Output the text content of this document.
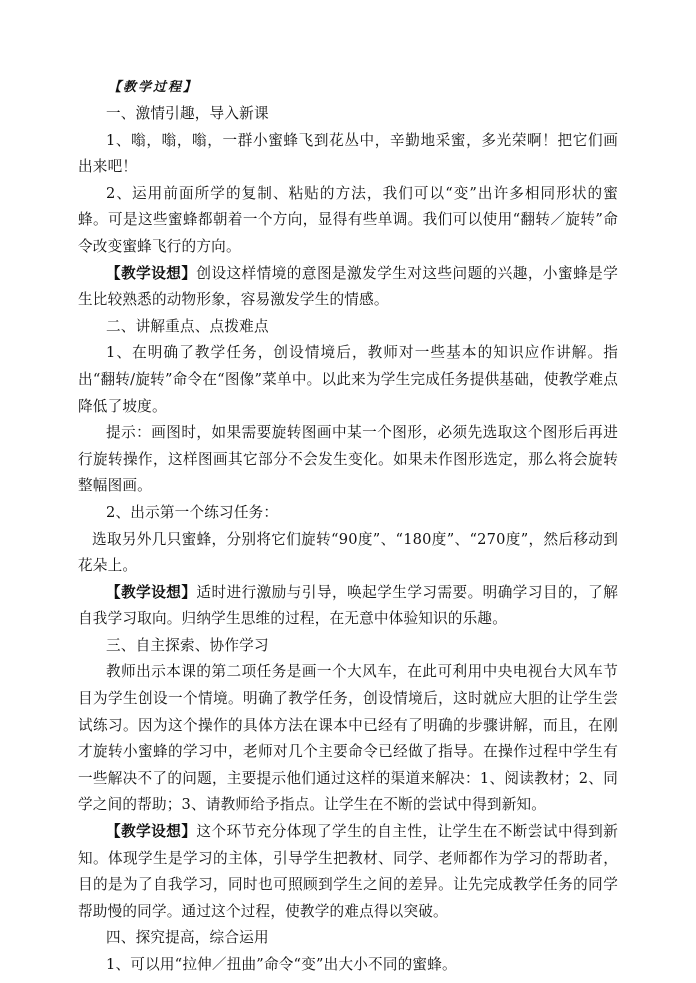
【教学过程】

一、激情引趣，导入新课

1、嗡，嗡，嗡，一群小蜜蜂飞到花丛中，辛勤地采蜜，多光荣啊！把它们画出来吧！

2、运用前面所学的复制、粘贴的方法，我们可以“变”出许多相同形状的蜜蜂。可是这些蜜蜂都朝着一个方向，显得有些单调。我们可以使用“翻转／旋转”命令改变蜜蜂飞行的方向。

【教学设想】创设这样情境的意图是激发学生对这些问题的兴趣，小蜜蜂是学生比较熟悉的动物形象，容易激发学生的情感。

二、讲解重点、点拨难点

1、在明确了教学任务，创设情境后，教师对一些基本的知识应作讲解。指出“翻转/旋转”命令在“图像”菜单中。以此来为学生完成任务提供基础，使教学难点降低了坡度。

提示：画图时，如果需要旋转图画中某一个图形，必须先选取这个图形后再进行旋转操作，这样图画其它部分不会发生变化。如果未作图形选定，那么将会旋转整幅图画。

2、出示第一个练习任务：

选取另外几只蜜蜂，分别将它们旋转“90度”、“180度”、“270度”，然后移动到花朵上。

【教学设想】适时进行激励与引导，唤起学生学习需要。明确学习目的，了解自我学习取向。归纳学生思维的过程，在无意中体验知识的乐趣。

三、自主探索、协作学习

教师出示本课的第二项任务是画一个大风车，在此可利用中央电视台大风车节目为学生创设一个情境。明确了教学任务，创设情境后，这时就应大胆的让学生尝试练习。因为这个操作的具体方法在课本中已经有了明确的步骤讲解，而且，在刚才旋转小蜜蜂的学习中，老师对几个主要命令已经做了指导。在操作过程中学生有一些解决不了的问题，主要提示他们通过这样的渠道来解决：1、阅读教材；2、同学之间的帮助；3、请教师给予指点。让学生在不断的尝试中得到新知。

【教学设想】这个环节充分体现了学生的自主性，让学生在不断尝试中得到新知。体现学生是学习的主体，引导学生把教材、同学、老师都作为学习的帮助者，目的是为了自我学习，同时也可照顾到学生之间的差异。让先完成教学任务的同学帮助慢的同学。通过这个过程，使教学的难点得以突破。

四、探究提高，综合运用

1、可以用“拉伸／扭曲”命令“变”出大小不同的蜜蜂。
